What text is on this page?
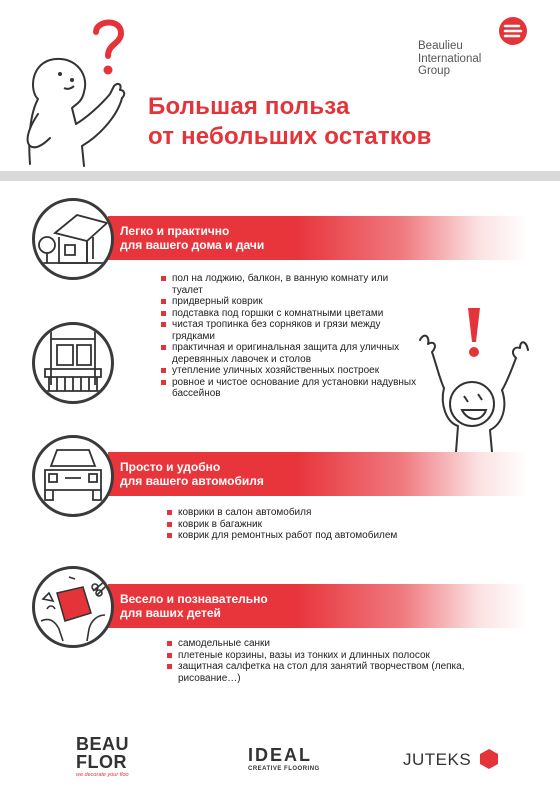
Большая польза
от небольших остатков
Beaulieu
International
Group
Легко и практично
для вашего дома и дачи
пол на лоджию, балкон, в ванную комнату или туалет
придверный коврик
подставка под горшки с комнатными цветами
чистая тропинка без сорняков и грязи между грядками
практичная и оригинальная защита для уличных деревянных лавочек и столов
утепление уличных хозяйственных построек
ровное и чистое основание для установки надувных бассейнов
Просто и удобно
для вашего автомобиля
коврики в салон автомобиля
коврик в багажник
коврик для ремонтных работ под автомобилем
Весело и познавательно
для ваших детей
самодельные санки
плетеные корзины, вазы из тонких и длинных полосок
защитная салфетка на стол для занятий творчеством (лепка, рисование…)
BEAU
FLOR
we decorate your floo
IDEAL
CREATIVE FLOORING	JUTEKS
